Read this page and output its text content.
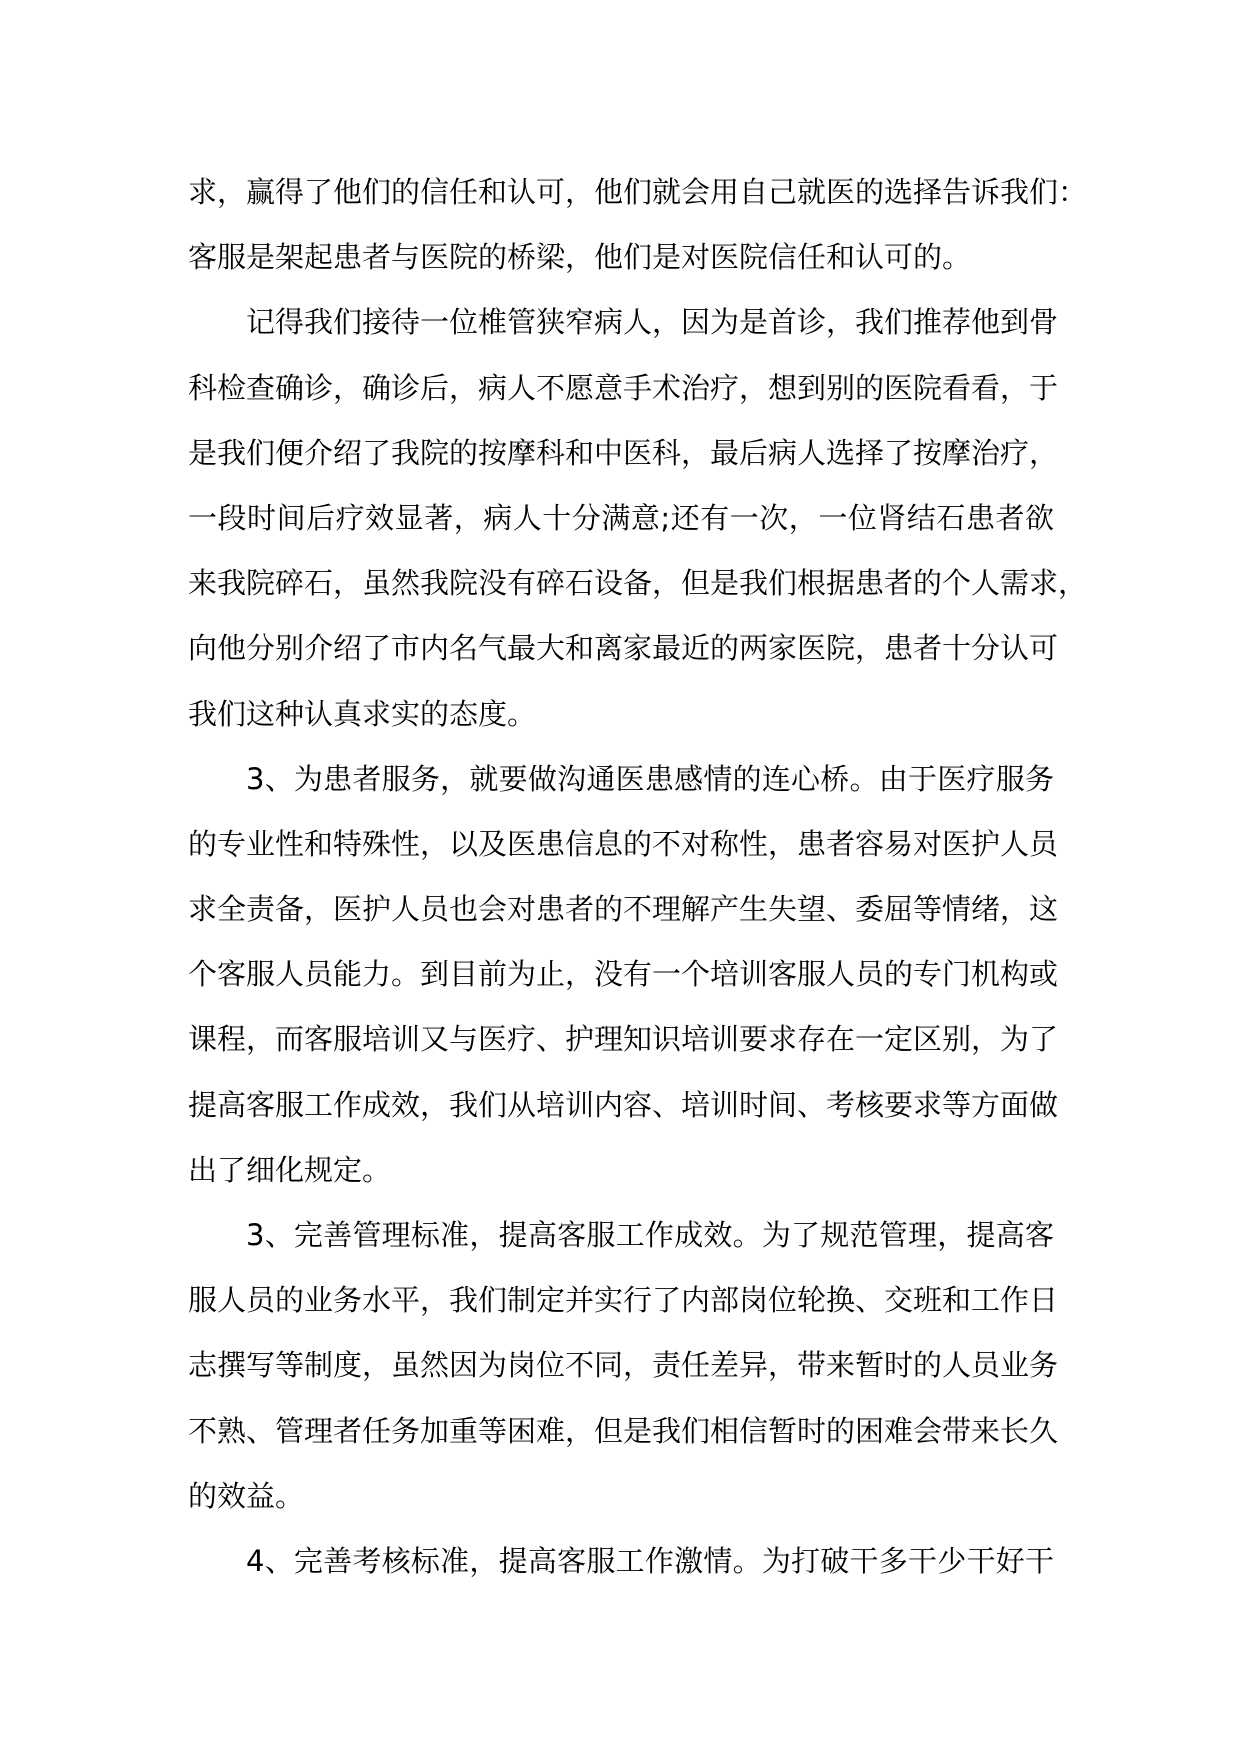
求，赢得了他们的信任和认可，他们就会用自己就医的选择告诉我们：
客服是架起患者与医院的桥梁，他们是对医院信任和认可的。
记得我们接待一位椎管狭窄病人，因为是首诊，我们推荐他到骨
科检查确诊，确诊后，病人不愿意手术治疗，想到别的医院看看，于
是我们便介绍了我院的按摩科和中医科，最后病人选择了按摩治疗，
一段时间后疗效显著，病人十分满意;还有一次，一位肾结石患者欲
来我院碎石，虽然我院没有碎石设备，但是我们根据患者的个人需求，
向他分别介绍了市内名气最大和离家最近的两家医院，患者十分认可
我们这种认真求实的态度。
3、为患者服务，就要做沟通医患感情的连心桥。由于医疗服务
的专业性和特殊性，以及医患信息的不对称性，患者容易对医护人员
求全责备，医护人员也会对患者的不理解产生失望、委屈等情绪，这
个客服人员能力。到目前为止，没有一个培训客服人员的专门机构或
课程，而客服培训又与医疗、护理知识培训要求存在一定区别，为了
提高客服工作成效，我们从培训内容、培训时间、考核要求等方面做
出了细化规定。
3、完善管理标准，提高客服工作成效。为了规范管理，提高客
服人员的业务水平，我们制定并实行了内部岗位轮换、交班和工作日
志撰写等制度，虽然因为岗位不同，责任差异，带来暂时的人员业务
不熟、管理者任务加重等困难，但是我们相信暂时的困难会带来长久
的效益。
4、完善考核标准，提高客服工作激情。为打破干多干少干好干
